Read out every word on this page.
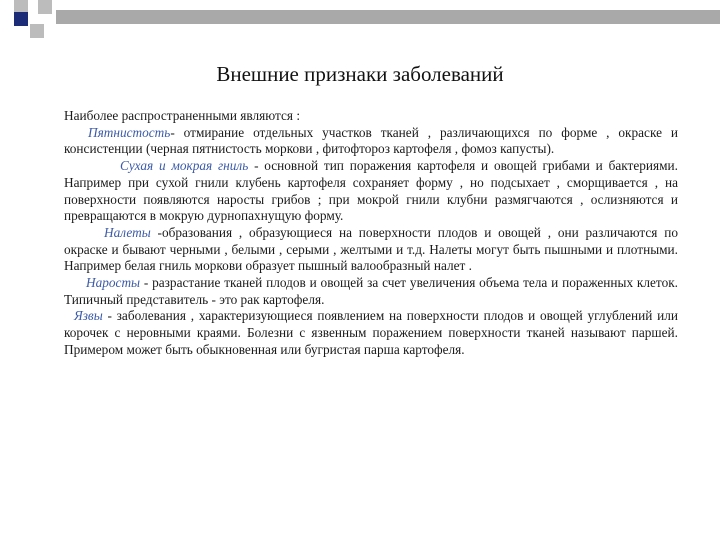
Внешние признаки заболеваний

Наиболее распространенными являются :

Пятнистость- отмирание отдельных участков тканей , различающихся по форме , окраске и консистенции (черная пятнистость моркови , фитофтороз картофеля , фомоз капусты).

Сухая и мокрая гниль - основной тип поражения картофеля и овощей грибами и бактериями. Например при сухой гнили клубень картофеля сохраняет форму , но подсыхает , сморщивается , на поверхности появляются наросты грибов ; при мокрой гнили клубни размягчаются , ослизняются и превращаются в мокрую дурнопахнущую форму.

Налеты -образования , образующиеся на поверхности плодов и овощей , они различаются по окраске и бывают черными , белыми , серыми , желтыми и т.д. Налеты могут быть пышными и плотными. Например белая гниль моркови образует пышный валообразный налет .

Наросты - разрастание тканей плодов и овощей за счет увеличения объема тела и пораженных клеток. Типичный представитель - это рак картофеля.

Язвы - заболевания , характеризующиеся появлением на поверхности плодов и овощей углублений или корочек с неровными краями. Болезни с язвенным поражением поверхности тканей называют паршей. Примером может быть обыкновенная или бугристая парша картофеля.
